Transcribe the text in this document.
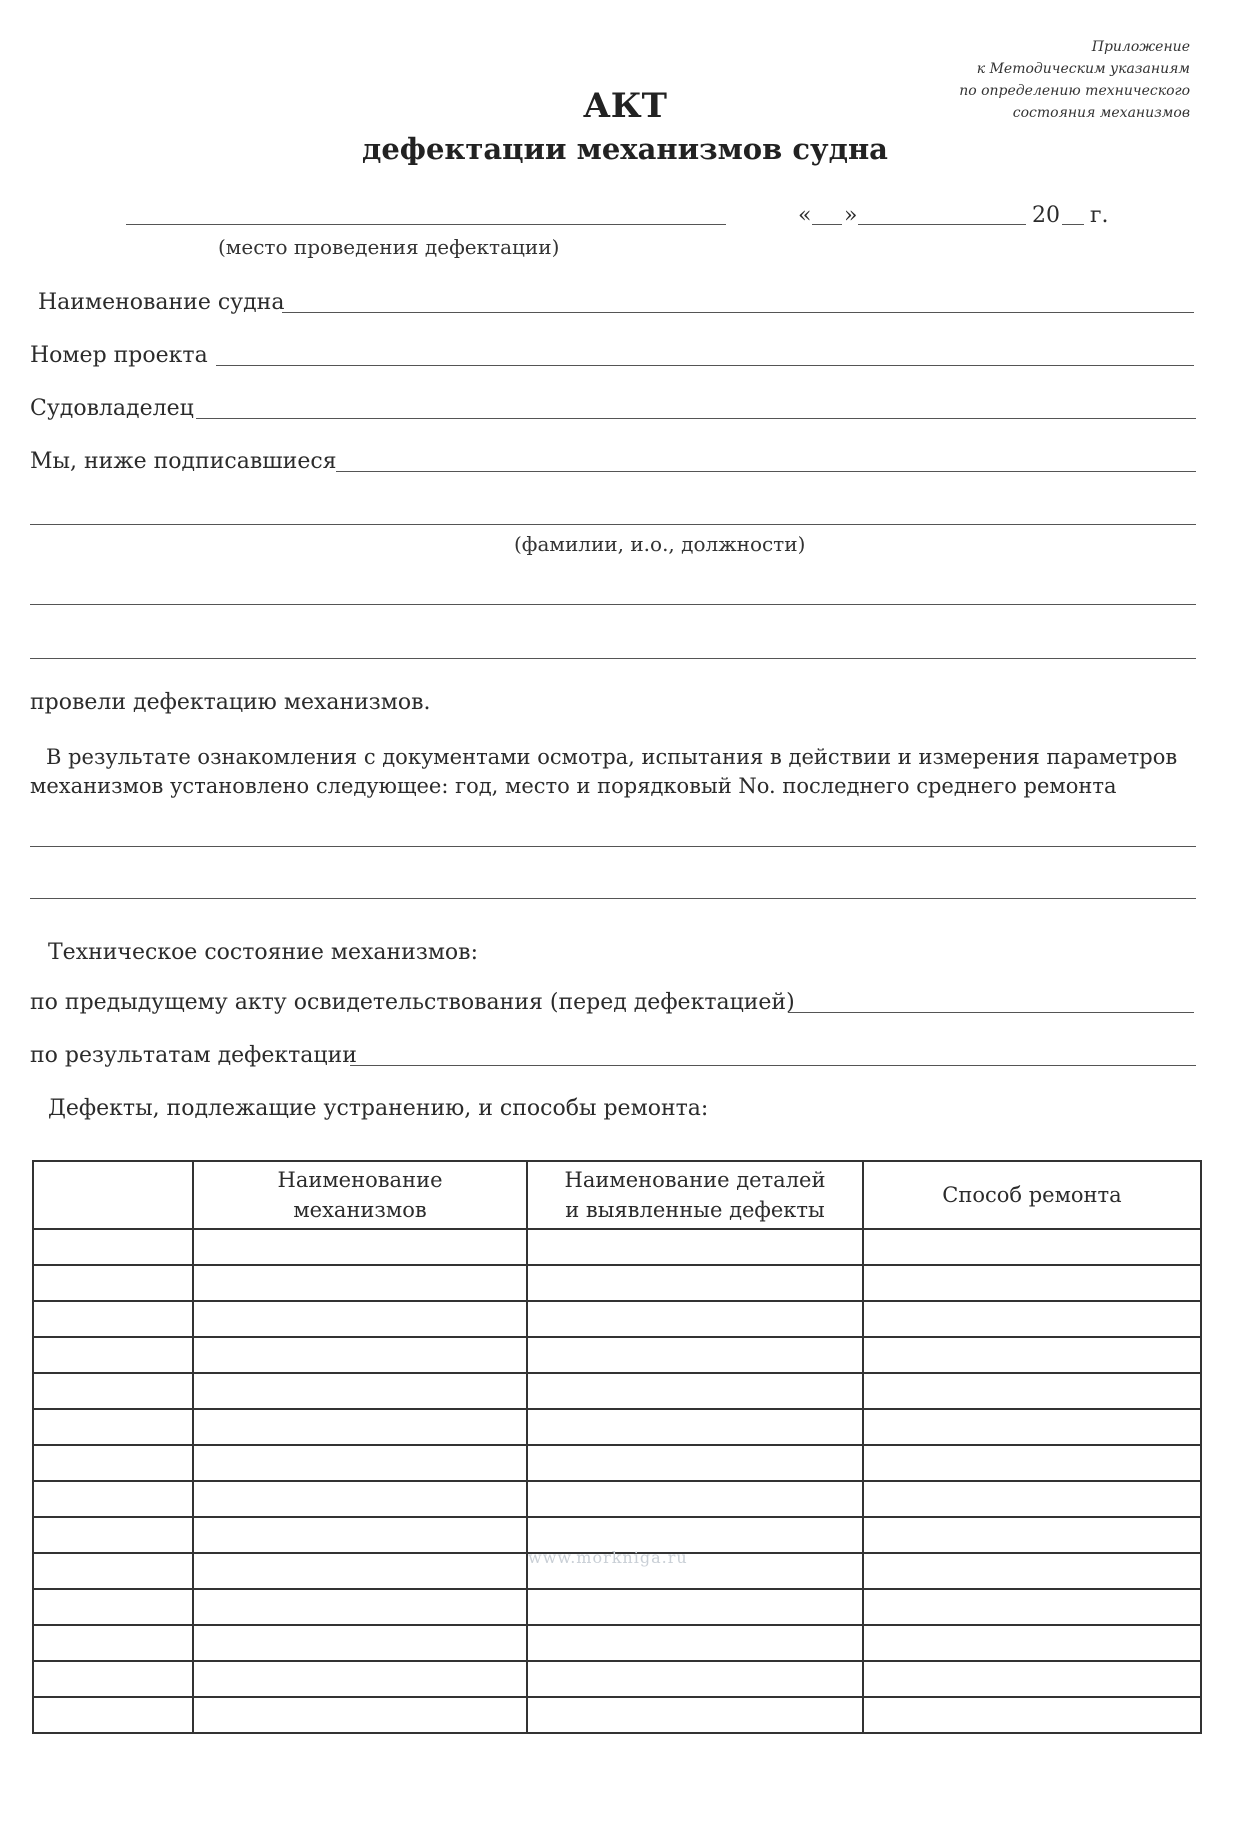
Приложение
к Методическим указаниям
по определению технического
состояния механизмов
АКТ
дефектации механизмов судна
(место проведения дефектации)
« »	20 г.
Наименование судна
Номер проекта
Судовладелец
Мы, ниже подписавшиеся
(фамилии, и.о., должности)
провели дефектацию механизмов.
В результате ознакомления с документами осмотра, испытания в действии и измерения параметров механизмов установлено следующее: год, место и порядковый No. последнего среднего ремонта
Техническое состояние механизмов:
по предыдущему акту освидетельствования (перед дефектацией)
по результатам дефектации
Дефекты, подлежащие устранению, и способы ремонта:
	Наименование механизмов	Наименование деталей и выявленные дефекты	Способ ремонта

www.morkniga.ru
